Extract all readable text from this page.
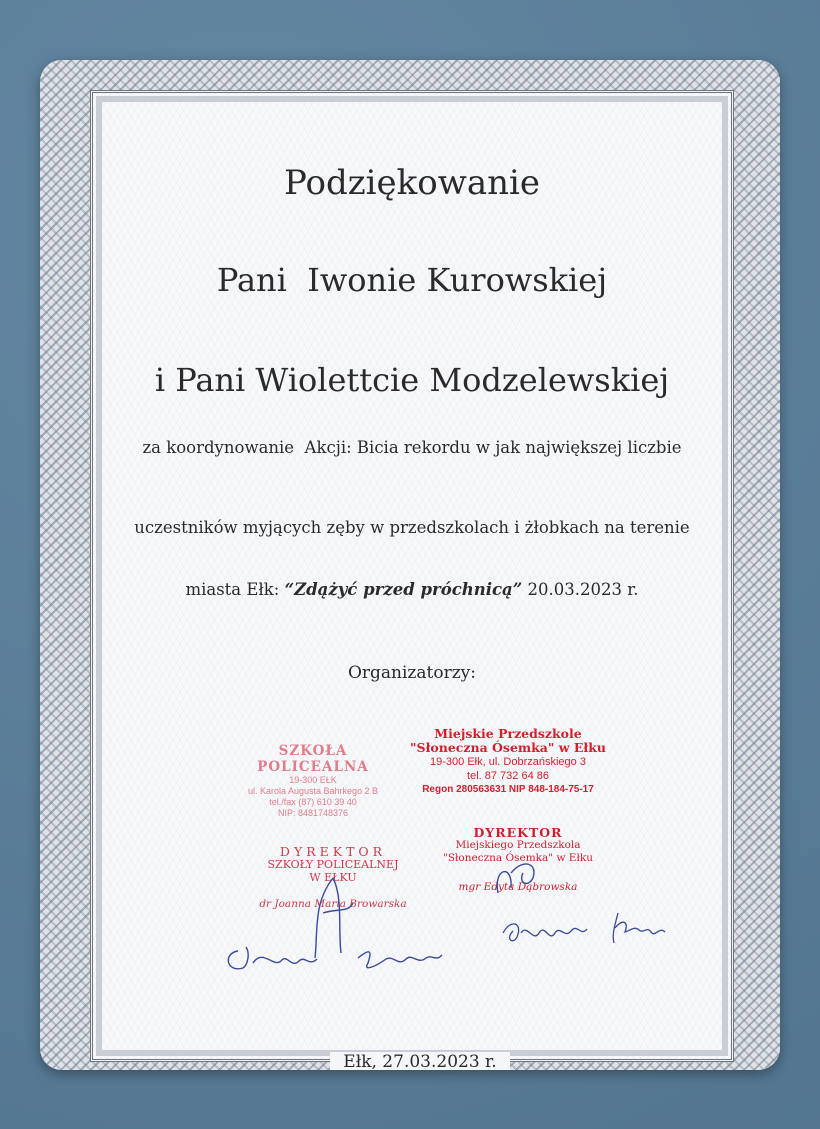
Podziękowanie
Pani  Iwonie Kurowskiej
i Pani Wiolettcie Modzelewskiej
za koordynowanie  Akcji: Bicia rekordu w jak największej liczbie
uczestników myjących zęby w przedszkolach i żłobkach na terenie
miasta Ełk: “Zdążyć przed próchnicą” 20.03.2023 r.
Organizatorzy:
SZKOŁA POLICEALNA
19-300 EŁK
ul. Karola Augusta Bahrkego 2 B
tel./fax (87) 610 39 40
NIP: 8481748376
Miejskie Przedszkole
"Słoneczna Ósemka" w Ełku
19-300 Ełk, ul. Dobrzańskiego 3
tel. 87 732 64 86
Regon 280563631 NIP 848-184-75-17
DYREKTOR
SZKOŁY POLICEALNEJ
W EŁKU
dr Joanna Maria Browarska
DYREKTOR
Miejskiego Przedszkola
"Słoneczna Ósemka" w Ełku
mgr Edyta Dąbrowska
Ełk, 27.03.2023 r.
